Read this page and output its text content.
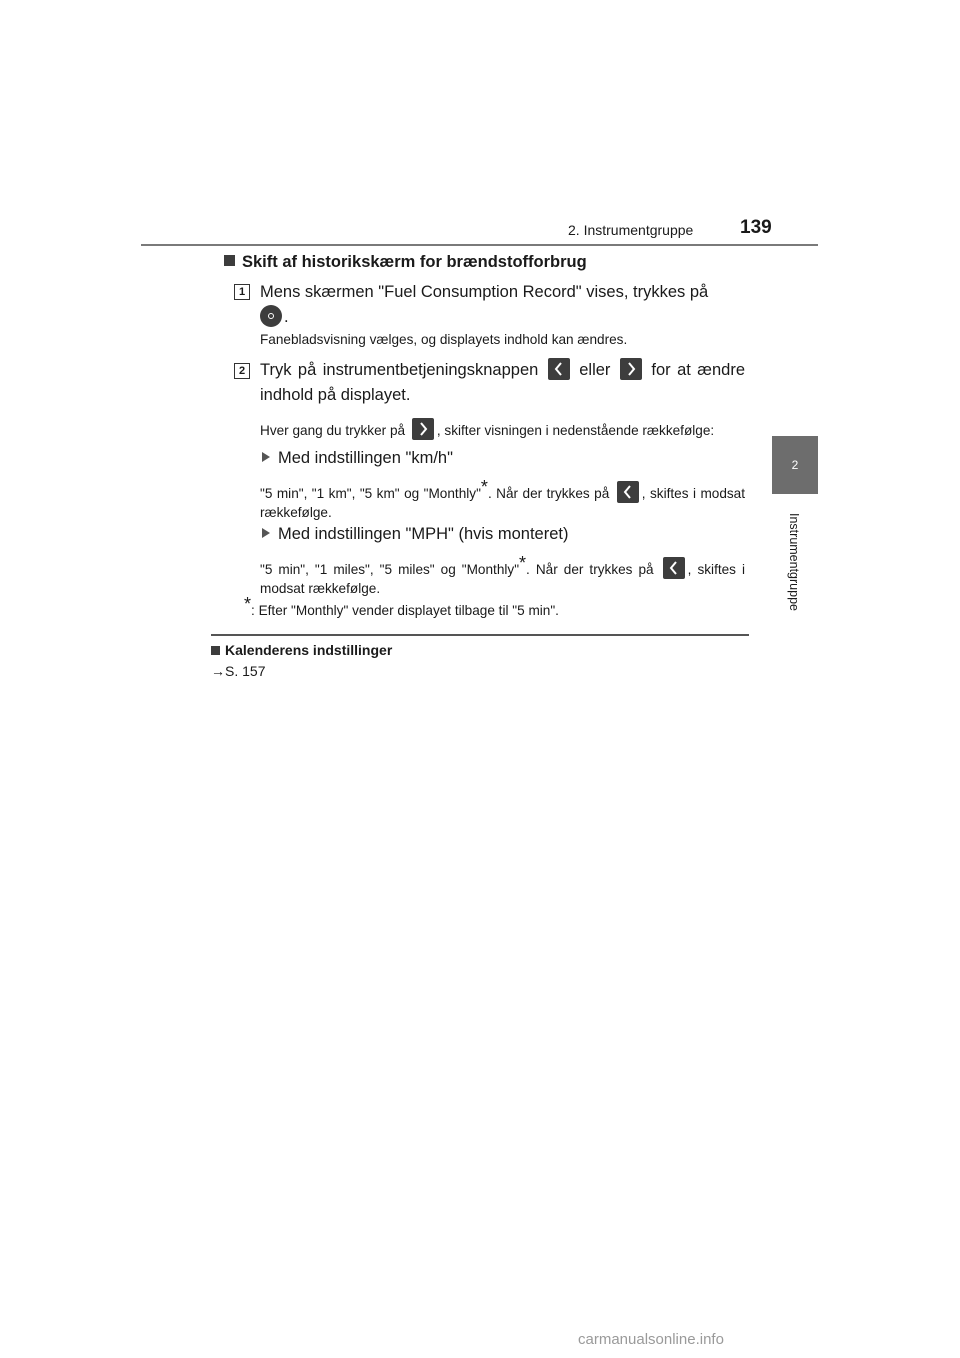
2. Instrumentgruppe 139
2
Instrumentgruppe
Skift af historikskærm for brændstofforbrug
1 Mens skærmen "Fuel Consumption Record" vises, trykkes på
.
Fanebladsvisning vælges, og displayets indhold kan ændres.
2 Tryk på instrumentbetjeningsknappen eller for at ændre indhold på displayet.
Hver gang du trykker på , skifter visningen i nedenstående rækkefølge:
Med indstillingen "km/h"
"5 min", "1 km", "5 km" og "Monthly"*. Når der trykkes på , skiftes i modsat rækkefølge.
Med indstillingen "MPH" (hvis monteret)
"5 min", "1 miles", "5 miles" og "Monthly"*. Når der trykkes på	, skiftes i modsat rækkefølge.
*: Efter "Monthly" vender displayet tilbage til "5 min".
Kalenderens indstillinger
→S. 157
carmanualsonline.info
